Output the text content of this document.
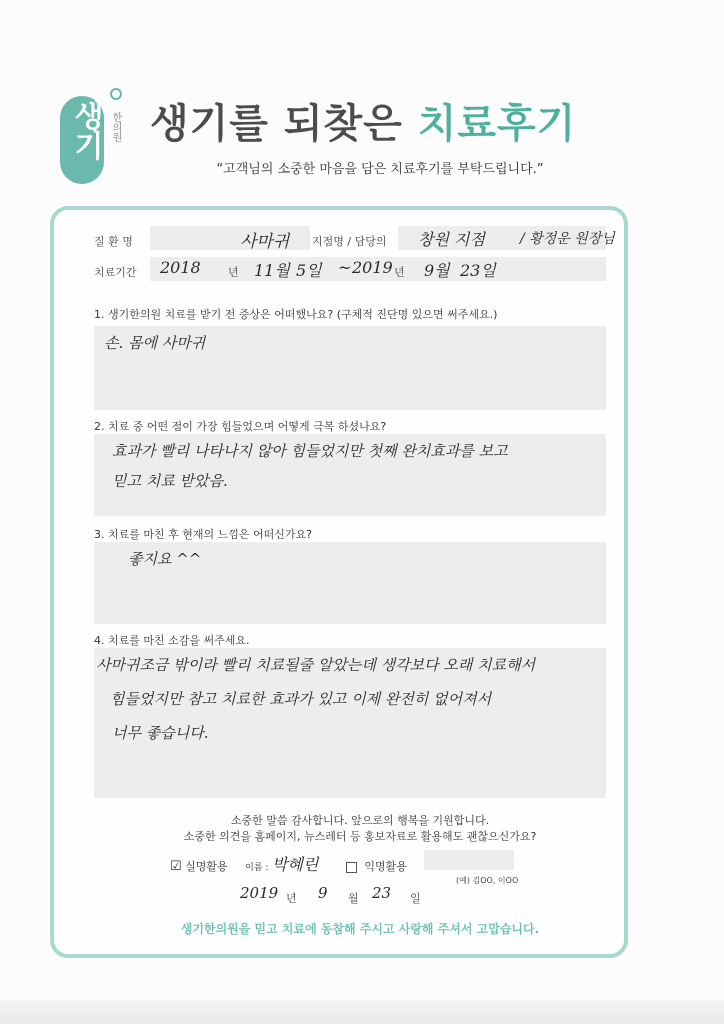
생기 한의원 생기를 되찾은 치료후기
“고객님의 소중한 마음을 담은 치료후기를 부탁드립니다.”
질 환 명	사마귀 지점명 / 담당의 창원 지점	/ 황정운 원장님
치료기간 2018 년 11월 5일 ~ 2019 년 9월 23일
1. 생기한의원 치료를 받기 전 증상은 어떠했나요? (구체적 진단명 있으면 써주세요.)
손. 몸에 사마귀
2. 치료 중 어떤 점이 가장 힘들었으며 어떻게 극복 하셨나요?
효과가 빨리 나타나지 않아 힘들었지만 첫째 완치효과를 보고
믿고 치료 받았음.
3. 치료를 마친 후 현재의 느낌은 어떠신가요?
좋지요 ^^
4. 치료를 마친 소감을 써주세요.
사마귀조금 밖이라 빨리 치료될줄 알았는데 생각보다 오래 치료해서
힘들었지만 참고 치료한 효과가 있고 이제 완전히 없어져서
너무 좋습니다.
소중한 말씀 감사합니다. 앞으로의 행복을 기원합니다.
소중한 의견을 홈페이지, 뉴스레터 등 홍보자료로 활용해도 괜찮으신가요?
☑ 실명활용 이름 : 박혜린	익명활용
(예) 김OO, 이OO
2019 년 9 월 23 일
생기한의원을 믿고 치료에 동참해 주시고 사랑해 주셔서 고맙습니다.
